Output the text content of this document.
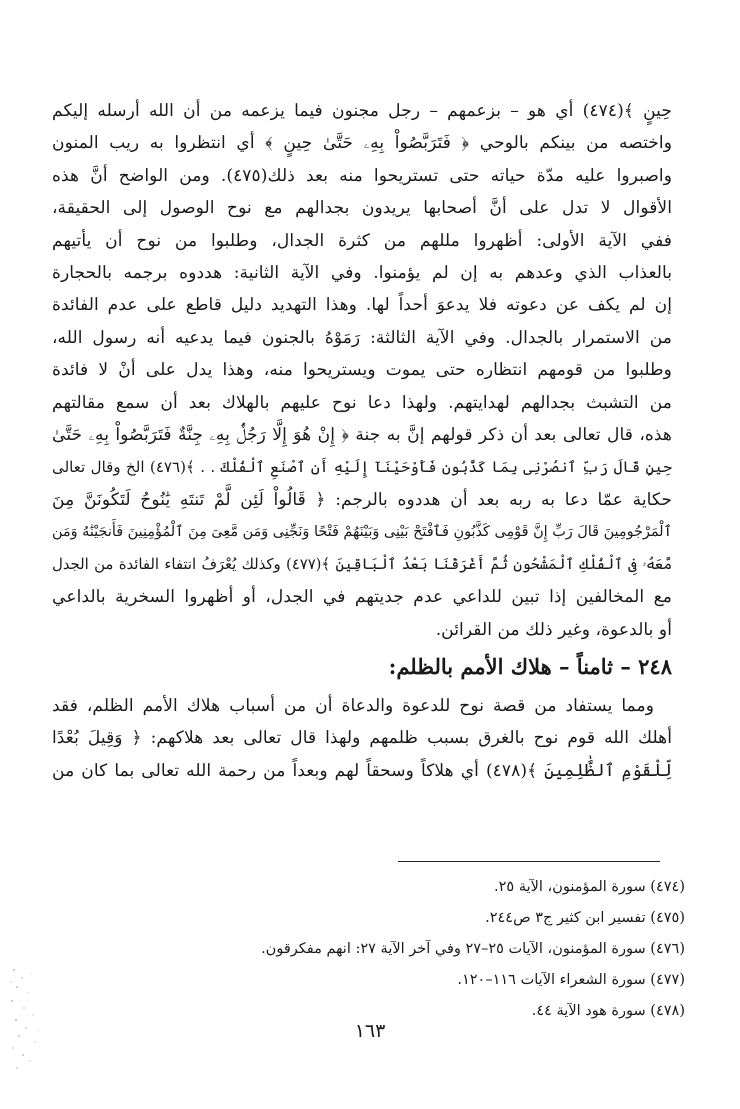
حِينٍ ﴾(٤٧٤) أي هو – بزعمهم – رجل مجنون فيما يزعمه من أن الله أرسله إليكم
واختصه من بينكم بالوحي ﴿ فَتَرَبَّصُواْ بِهِۦ حَتَّىٰ حِينٍ ﴾ أي انتظروا به ريب المنون
واصبروا عليه مدّة حياته حتى تستريحوا منه بعد ذلك(٤٧٥). ومن الواضح أنَّ هذه
الأقوال لا تدل على أنَّ أصحابها يريدون بجدالهم مع نوح الوصول إلى الحقيقة،
ففي الآية الأولى: أظهروا مللهم من كثرة الجدال، وطلبوا من نوح أن يأتيهم
بالعذاب الذي وعدهم به إن لم يؤمنوا. وفي الآية الثانية: هددوه برجمه بالحجارة
إن لم يكف عن دعوته فلا يدعوَ أحداً لها. وهذا التهديد دليل قاطع على عدم الفائدة
من الاستمرار بالجدال. وفي الآية الثالثة: رَمَوْهُ بالجنون فيما يدعيه أنه رسول الله،
وطلبوا من قومهم انتظاره حتى يموت ويستريحوا منه، وهذا يدل على أنْ لا فائدة
من التشبث بجدالهم لهدايتهم. ولهذا دعا نوح عليهم بالهلاك بعد أن سمع مقالتهم
هذه، قال تعالى بعد أن ذكر قولهم إنَّ به جنة ﴿ إِنْ هُوَ إِلَّا رَجُلٌۢ بِهِۦ جِنَّةٌ فَتَرَبَّصُواْ بِهِۦ حَتَّىٰ
حِينٍ قَالَ رَبِّ ٱنصُرْنِى بِمَا كَذَّبُونِ فَأَوْحَيْنَآ إِلَيْهِ أَنِ ٱصْنَعِ ٱلْفُلْكَ . . ﴾(٤٧٦) الخ وقال تعالى
حكاية عمّا دعا به ربه بعد أن هددوه بالرجم: ﴿ قَالُواْ لَئِن لَّمْ تَنتَهِ يَٰنُوحُ لَتَكُونَنَّ مِنَ
ٱلْمَرْجُومِينَ قَالَ رَبِّ إِنَّ قَوْمِى كَذَّبُونِ فَٱفْتَحْ بَيْنِى وَبَيْنَهُمْ فَتْحًا وَنَجِّنِى وَمَن مَّعِىَ مِنَ ٱلْمُؤْمِنِينَ فَأَنجَيْنَٰهُ وَمَن
مَّعَهُۥ فِى ٱلْفُلْكِ ٱلْمَشْحُونِ ثُمَّ أَغْرَقْنَا بَعْدُ ٱلْبَاقِينَ ﴾(٤٧٧) وكذلك يُعْرَفُ انتفاء الفائدة من الجدل
مع المخالفين إذا تبين للداعي عدم جديتهم في الجدل، أو أظهروا السخرية بالداعي
أو بالدعوة، وغير ذلك من القرائن.

٢٤٨ – ثامناً – هلاك الأمم بالظلم:

ومما يستفاد من قصة نوح للدعوة والدعاة أن من أسباب هلاك الأمم الظلم، فقد
أهلك الله قوم نوح بالغرق بسبب ظلمهم ولهذا قال تعالى بعد هلاكهم: ﴿ وَقِيلَ بُعْدًا
لِّلْقَوْمِ ٱلظَّٰلِمِينَ ﴾(٤٧٨) أي هلاكاً وسحقاً لهم وبعداً من رحمة الله تعالى بما كان من

(٤٧٤) سورة المؤمنون، الآية ٢٥.
(٤٧٥) تفسير ابن كثير ج٣ ص٢٤٤.
(٤٧٦) سورة المؤمنون، الآيات ٢٥–٢٧ وفي آخر الآية ٢٧: انهم مفكرقون.
(٤٧٧) سورة الشعراء الآيات ١١٦–١٢٠.
(٤٧٨) سورة هود الآية ٤٤.
١٦٣
